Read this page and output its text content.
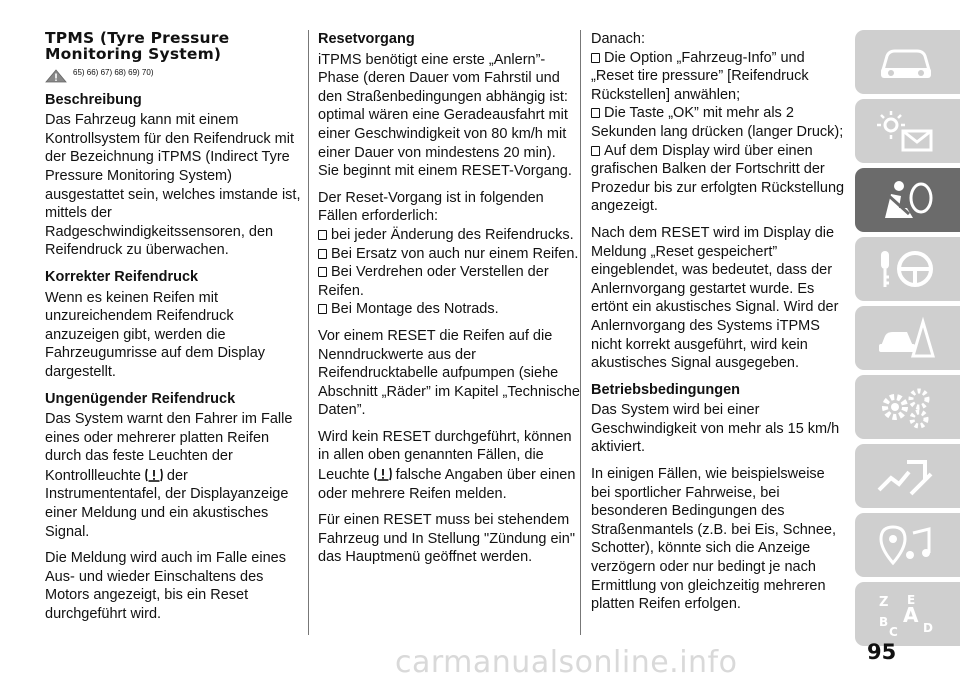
TPMS (Tyre Pressure
Monitoring System)
65) 66) 67) 68) 69) 70)
Beschreibung

Das Fahrzeug kann mit einem Kontrollsystem für den Reifendruck mit der Bezeichnung iTPMS (Indirect Tyre Pressure Monitoring System) ausgestattet sein, welches imstande ist, mittels der Radgeschwindigkeitssensoren, den Reifendruck zu überwachen.

Korrekter Reifendruck

Wenn es keinen Reifen mit unzureichendem Reifendruck anzuzeigen gibt, werden die Fahrzeugumrisse auf dem Display dargestellt.

Ungenügender Reifendruck

Das System warnt den Fahrer im Falle eines oder mehrerer platten Reifen durch das feste Leuchten der Kontrollleuchte der Instrumententafel, der Displayanzeige einer Meldung und ein akustisches Signal.

Die Meldung wird auch im Falle eines Aus- und wieder Einschaltens des Motors angezeigt, bis ein Reset durchgeführt wird.

Resetvorgang

iTPMS benötigt eine erste „Anlern”-Phase (deren Dauer vom Fahrstil und den Straßenbedingungen abhängig ist: optimal wären eine Geradeausfahrt mit einer Geschwindigkeit von 80 km/h mit einer Dauer von mindestens 20 min). Sie beginnt mit einem RESET-Vorgang.

Der Reset-Vorgang ist in folgenden Fällen erforderlich:

bei jeder Änderung des Reifendrucks.
Bei Ersatz von auch nur einem Reifen.
Bei Verdrehen oder Verstellen der Reifen.
Bei Montage des Notrads.

Vor einem RESET die Reifen auf die Nenndruckwerte aus der Reifendrucktabelle aufpumpen (siehe Abschnitt „Räder” im Kapitel „Technische Daten”.

Wird kein RESET durchgeführt, können in allen oben genannten Fällen, die Leuchte falsche Angaben über einen oder mehrere Reifen melden.

Für einen RESET muss bei stehendem Fahrzeug und In Stellung "Zündung ein" das Hauptmenü geöffnet werden.

Danach:

Die Option „Fahrzeug-Info” und „Reset tire pressure” [Reifendruck Rückstellen] anwählen;
Die Taste „OK” mit mehr als 2 Sekunden lang drücken (langer Druck);
Auf dem Display wird über einen grafischen Balken der Fortschritt der Prozedur bis zur erfolgten Rückstellung angezeigt.

Nach dem RESET wird im Display die Meldung „Reset gespeichert” eingeblendet, was bedeutet, dass der Anlernvorgang gestartet wurde. Es ertönt ein akustisches Signal. Wird der Anlernvorgang des Systems iTPMS nicht korrekt ausgeführt, wird kein akustisches Signal ausgegeben.

Betriebsbedingungen

Das System wird bei einer Geschwindigkeit von mehr als 15 km/h aktiviert.

In einigen Fällen, wie beispielsweise bei sportlicher Fahrweise, bei besonderen Bedingungen des Straßenmantels (z.B. bei Eis, Schnee, Schotter), könnte sich die Anzeige verzögern oder nur bedingt je nach Ermittlung von gleichzeitig mehreren platten Reifen erfolgen.	Z E
A
B
C D
95
carmanualsonline.info
